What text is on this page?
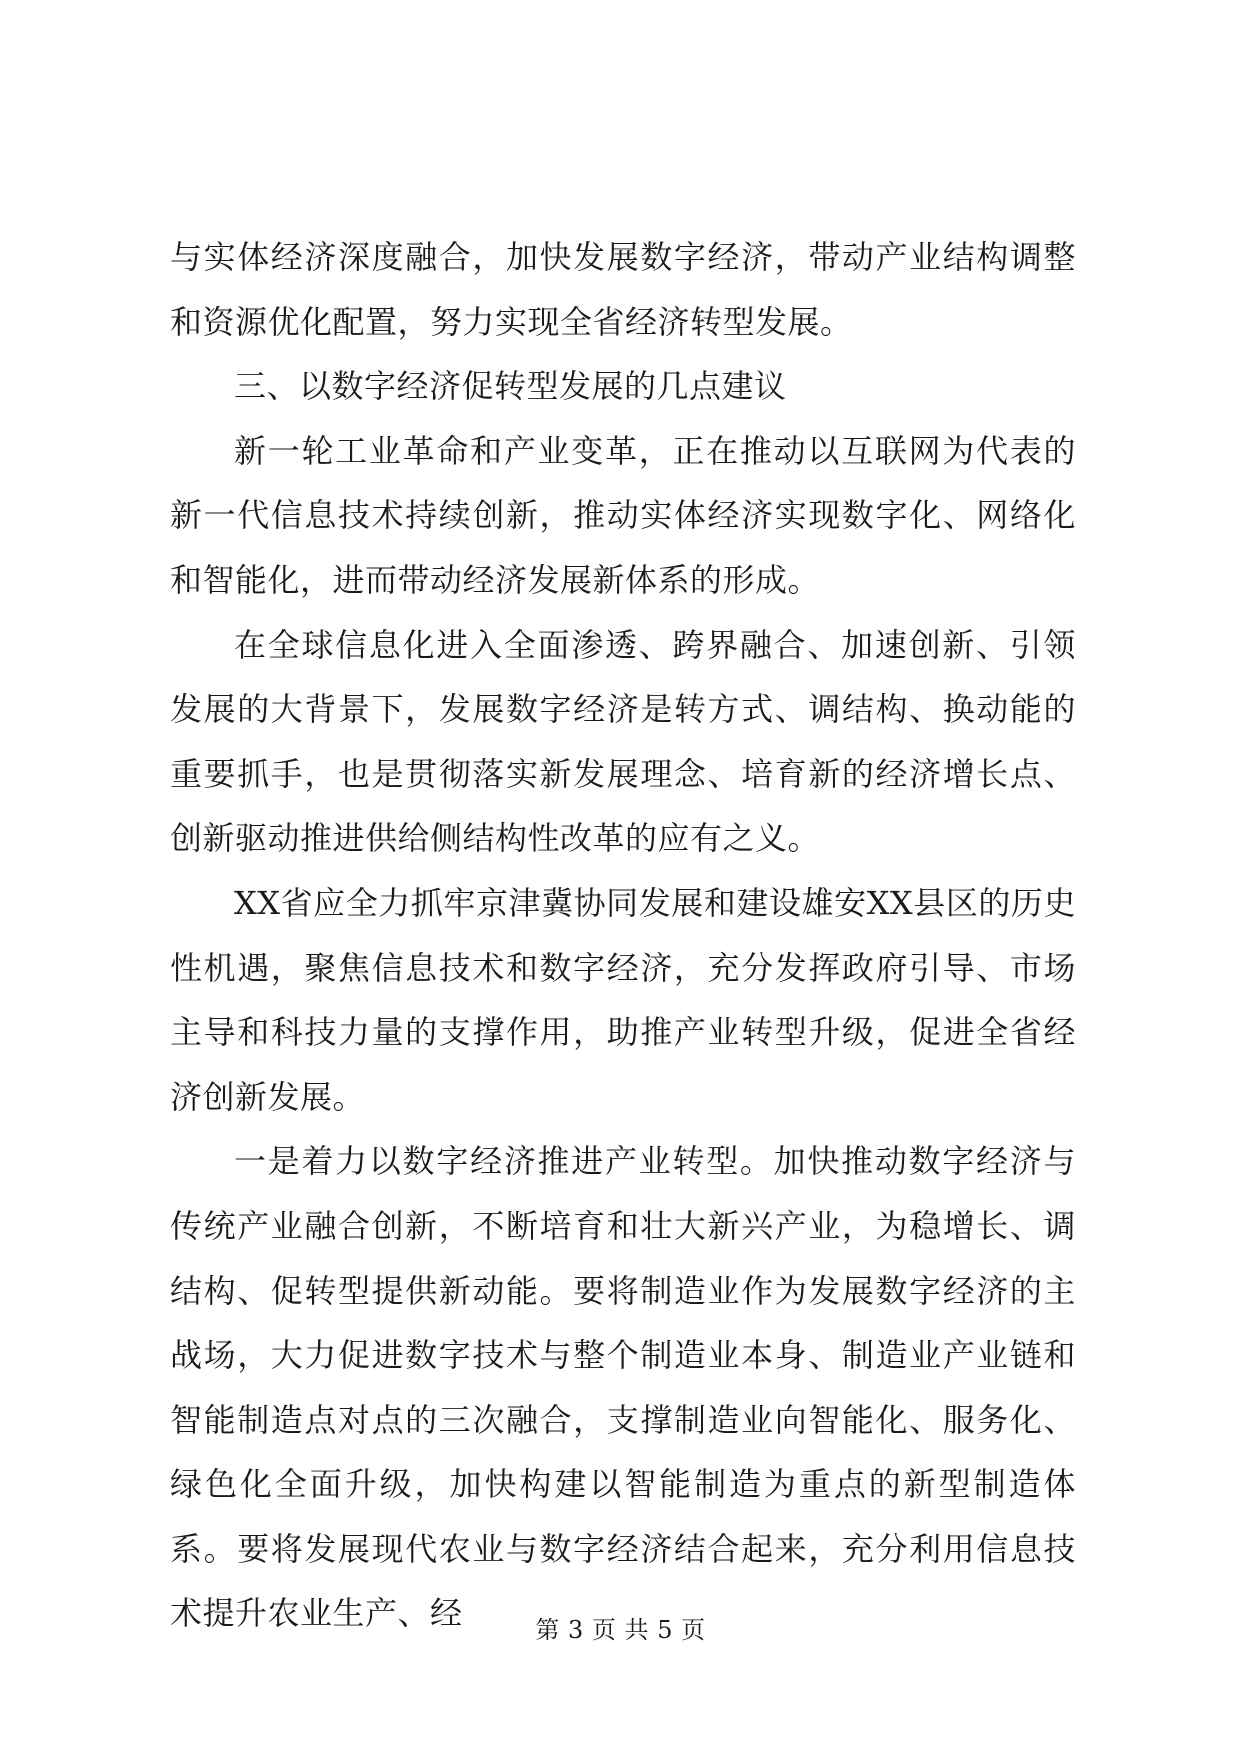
与实体经济深度融合，加快发展数字经济，带动产业结构调整和资源优化配置，努力实现全省经济转型发展。

三、以数字经济促转型发展的几点建议

新一轮工业革命和产业变革，正在推动以互联网为代表的新一代信息技术持续创新，推动实体经济实现数字化、网络化和智能化，进而带动经济发展新体系的形成。

在全球信息化进入全面渗透、跨界融合、加速创新、引领发展的大背景下，发展数字经济是转方式、调结构、换动能的重要抓手，也是贯彻落实新发展理念、培育新的经济增长点、创新驱动推进供给侧结构性改革的应有之义。

XX省应全力抓牢京津冀协同发展和建设雄安XX县区的历史性机遇，聚焦信息技术和数字经济，充分发挥政府引导、市场主导和科技力量的支撑作用，助推产业转型升级，促进全省经济创新发展。

一是着力以数字经济推进产业转型。加快推动数字经济与传统产业融合创新，不断培育和壮大新兴产业，为稳增长、调结构、促转型提供新动能。要将制造业作为发展数字经济的主战场，大力促进数字技术与整个制造业本身、制造业产业链和智能制造点对点的三次融合，支撑制造业向智能化、服务化、绿色化全面升级，加快构建以智能制造为重点的新型制造体系。要将发展现代农业与数字经济结合起来，充分利用信息技术提升农业生产、经	第 3 页 共 5 页
